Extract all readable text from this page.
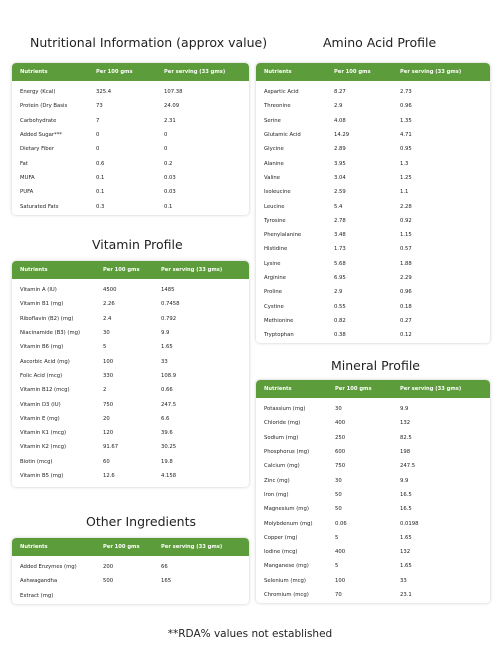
Nutritional Information (approx value)	Amino Acid Profile
Vitamin Profile
Mineral Profile
Other Ingredients
Nutrients	Per 100 gms	Per serving (33 gms)
Energy (Kcal)	325.4	107.38
Protein (Dry Basis	73	24.09
Carbohydrate	7	2.31
Added Sugar***	0	0
Dietary Fiber	0	0
Fat	0.6	0.2
MUFA	0.1	0.03
PUFA	0.1	0.03
Saturated Fats	0.3	0.1
Nutrients	Per 100 gms	Per serving (33 gms)
Aspartic Acid	8.27	2.73
Threonine	2.9	0.96
Serine	4.08	1.35
Glutamic Acid	14.29	4.71
Glycine	2.89	0.95
Alanine	3.95	1.3
Valine	3.04	1.25
Isoleucine	2.59	1.1
Leucine	5.4	2.28
Tyrosine	2.78	0.92
Phenylalanine	3.48	1.15
Histidine	1.73	0.57
Lysine	5.68	1.88
Arginine	6.95	2.29
Proline	2.9	0.96
Cystine	0.55	0.18
Methionine	0.82	0.27
Tryptophan	0.38	0.12
Nutrients	Per 100 gms	Per serving (33 gms)
Vitamin A (IU)	4500	1485
Vitamin B1 (mg)	2.26	0.7458
Riboflavin (B2) (mg)	2.4	0.792
Niacinamide (B3) (mg)	30	9.9
Vitamin B6 (mg)	5	1.65
Ascorbic Acid (mg)	100	33
Folic Acid (mcg)	330	108.9
Vitamin B12 (mcg)	2	0.66
Vitamin D3 (IU)	750	247.5
Vitamin E (mg)	20	6.6
Vitamin K1 (mcg)	120	39.6
Vitamin K2 (mcg)	91.67	30.25
Biotin (mcg)	60	19.8
Vitamin B5 (mg)	12.6	4.158
Nutrients	Per 100 gms	Per serving (33 gms)
Potassium (mg)	30	9.9
Chloride (mg)	400	132
Sodium (mg)	250	82.5
Phosphorus (mg)	600	198
Calcium (mg)	750	247.5
Zinc (mg)	30	9.9
Iron (mg)	50	16.5
Magnesium (mg)	50	16.5
Molybdenum (mg)	0.06	0.0198
Copper (mg)	5	1.65
Iodine (mcg)	400	132
Manganese (mg)	5	1.65
Selenium (mcg)	100	33
Chromium (mcg)	70	23.1
Nutrients	Per 100 gms	Per serving (33 gms)
Added Enzymes (mg)	200	66
Ashwagandha	500	165
Extract (mg)
**RDA% values not established
